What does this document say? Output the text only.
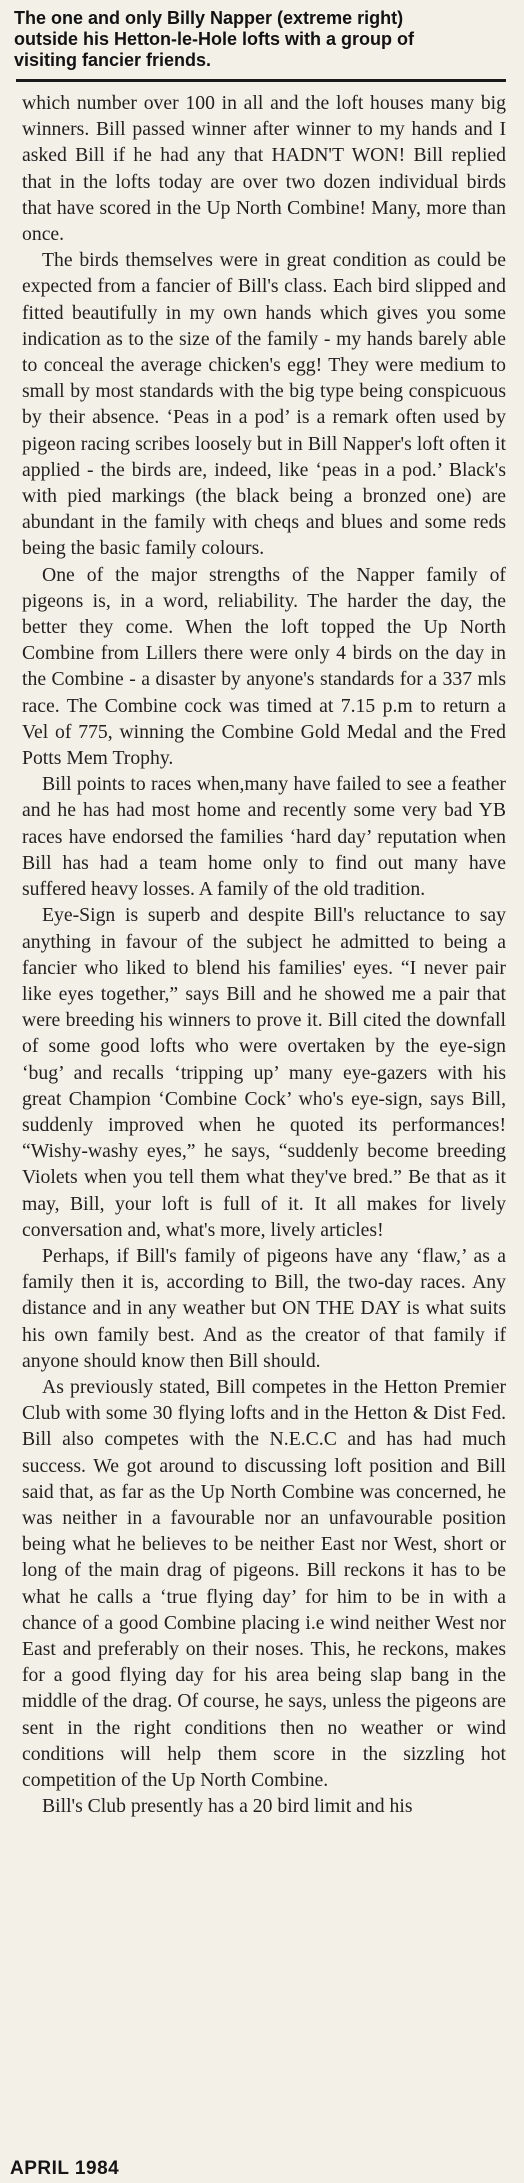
The one and only Billy Napper (extreme right)
outside his Hetton-le-Hole lofts with a group of
visiting fancier friends.

which number over 100 in all and the loft houses many big winners. Bill passed winner after winner to my hands and I asked Bill if he had any that HADN'T WON! Bill replied that in the lofts today are over two dozen individual birds that have scored in the Up North Combine! Many, more than once.

The birds themselves were in great condition as could be expected from a fancier of Bill's class. Each bird slipped and fitted beautifully in my own hands which gives you some indication as to the size of the family - my hands barely able to conceal the average chicken's egg! They were medium to small by most standards with the big type being conspicuous by their absence. ‘Peas in a pod’ is a remark often used by pigeon racing scribes loosely but in Bill Napper's loft often it applied - the birds are, indeed, like ‘peas in a pod.’ Black's with pied markings (the black being a bronzed one) are abundant in the family with cheqs and blues and some reds being the basic family colours.

One of the major strengths of the Napper family of pigeons is, in a word, reliability. The harder the day, the better they come. When the loft topped the Up North Combine from Lillers there were only 4 birds on the day in the Combine - a disaster by anyone's standards for a 337 mls race. The Combine cock was timed at 7.15 p.m to return a Vel of 775, winning the Combine Gold Medal and the Fred Potts Mem Trophy.

Bill points to races when,many have failed to see a feather and he has had most home and recently some very bad YB races have endorsed the families ‘hard day’ reputation when Bill has had a team home only to find out many have suffered heavy losses. A family of the old tradition.

Eye-Sign is superb and despite Bill's reluctance to say anything in favour of the subject he admitted to being a fancier who liked to blend his families' eyes. “I never pair like eyes together,” says Bill and he showed me a pair that were breeding his winners to prove it. Bill cited the downfall of some good lofts who were overtaken by the eye-sign ‘bug’ and recalls ‘tripping up’ many eye-gazers with his great Champion ‘Combine Cock’ who's eye-sign, says Bill, suddenly improved when he quoted its performances! “Wishy-washy eyes,” he says, “suddenly become breeding Violets when you tell them what they've bred.” Be that as it may, Bill, your loft is full of it. It all makes for lively conversation and, what's more, lively articles!

Perhaps, if Bill's family of pigeons have any ‘flaw,’ as a family then it is, according to Bill, the two-day races. Any distance and in any weather but ON THE DAY is what suits his own family best. And as the creator of that family if anyone should know then Bill should.

As previously stated, Bill competes in the Hetton Premier Club with some 30 flying lofts and in the Hetton & Dist Fed. Bill also competes with the N.E.C.C and has had much success. We got around to discussing loft position and Bill said that, as far as the Up North Combine was concerned, he was neither in a favourable nor an unfavourable position being what he believes to be neither East nor West, short or long of the main drag of pigeons. Bill reckons it has to be what he calls a ‘true flying day’ for him to be in with a chance of a good Combine placing i.e wind neither West nor East and preferably on their noses. This, he reckons, makes for a good flying day for his area being slap bang in the middle of the drag. Of course, he says, unless the pigeons are sent in the right conditions then no weather or wind conditions will help them score in the sizzling hot competition of the Up North Combine.

Bill's Club presently has a 20 bird limit and his

APRIL 1984
